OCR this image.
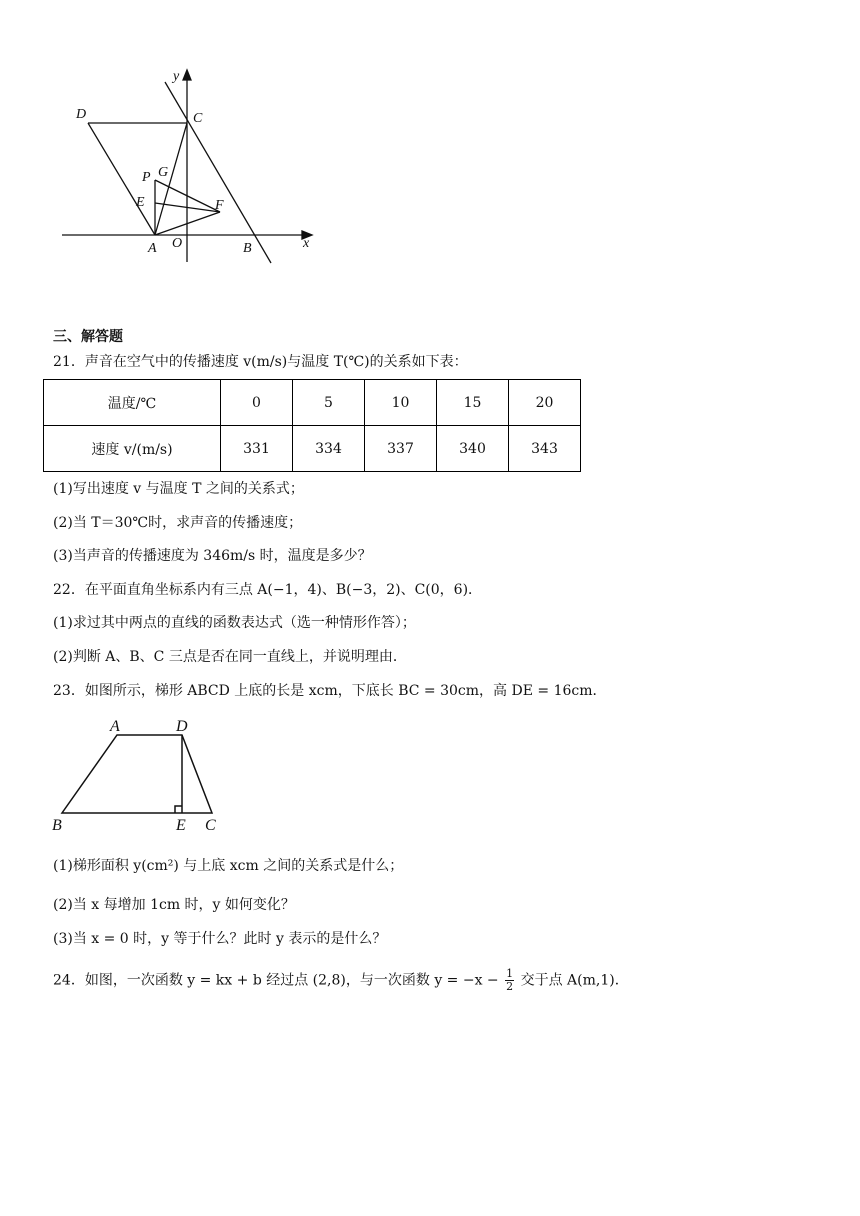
y
x
D	C
P G
E	F
A O	B
三、解答题
21．声音在空气中的传播速度 v(m/s)与温度 T(℃)的关系如下表：
温度/℃	0	5	10	15	20
速度 v/(m/s)	331	334	337	340	343
(1)写出速度 v 与温度 T 之间的关系式；
(2)当 T＝30℃时，求声音的传播速度；
(3)当声音的传播速度为 346m/s 时，温度是多少？
22．在平面直角坐标系内有三点 A(−1，4)、B(−3，2)、C(0，6)．
(1)求过其中两点的直线的函数表达式（选一种情形作答）；
(2)判断 A、B、C 三点是否在同一直线上，并说明理由．
23．如图所示，梯形 ABCD 上底的长是 xcm，下底长 BC = 30cm，高 DE = 16cm．
A	D
B	E C
(1)梯形面积 y(cm²) 与上底 xcm 之间的关系式是什么；
(2)当 x 每增加 1cm 时，y 如何变化？
(3)当 x = 0 时，y 等于什么？此时 y 表示的是什么？
24．如图，一次函数 y = kx + b 经过点 (2,8)，与一次函数 $y = -x - \frac{1}{2}$ 交于点 A(m,1)．
